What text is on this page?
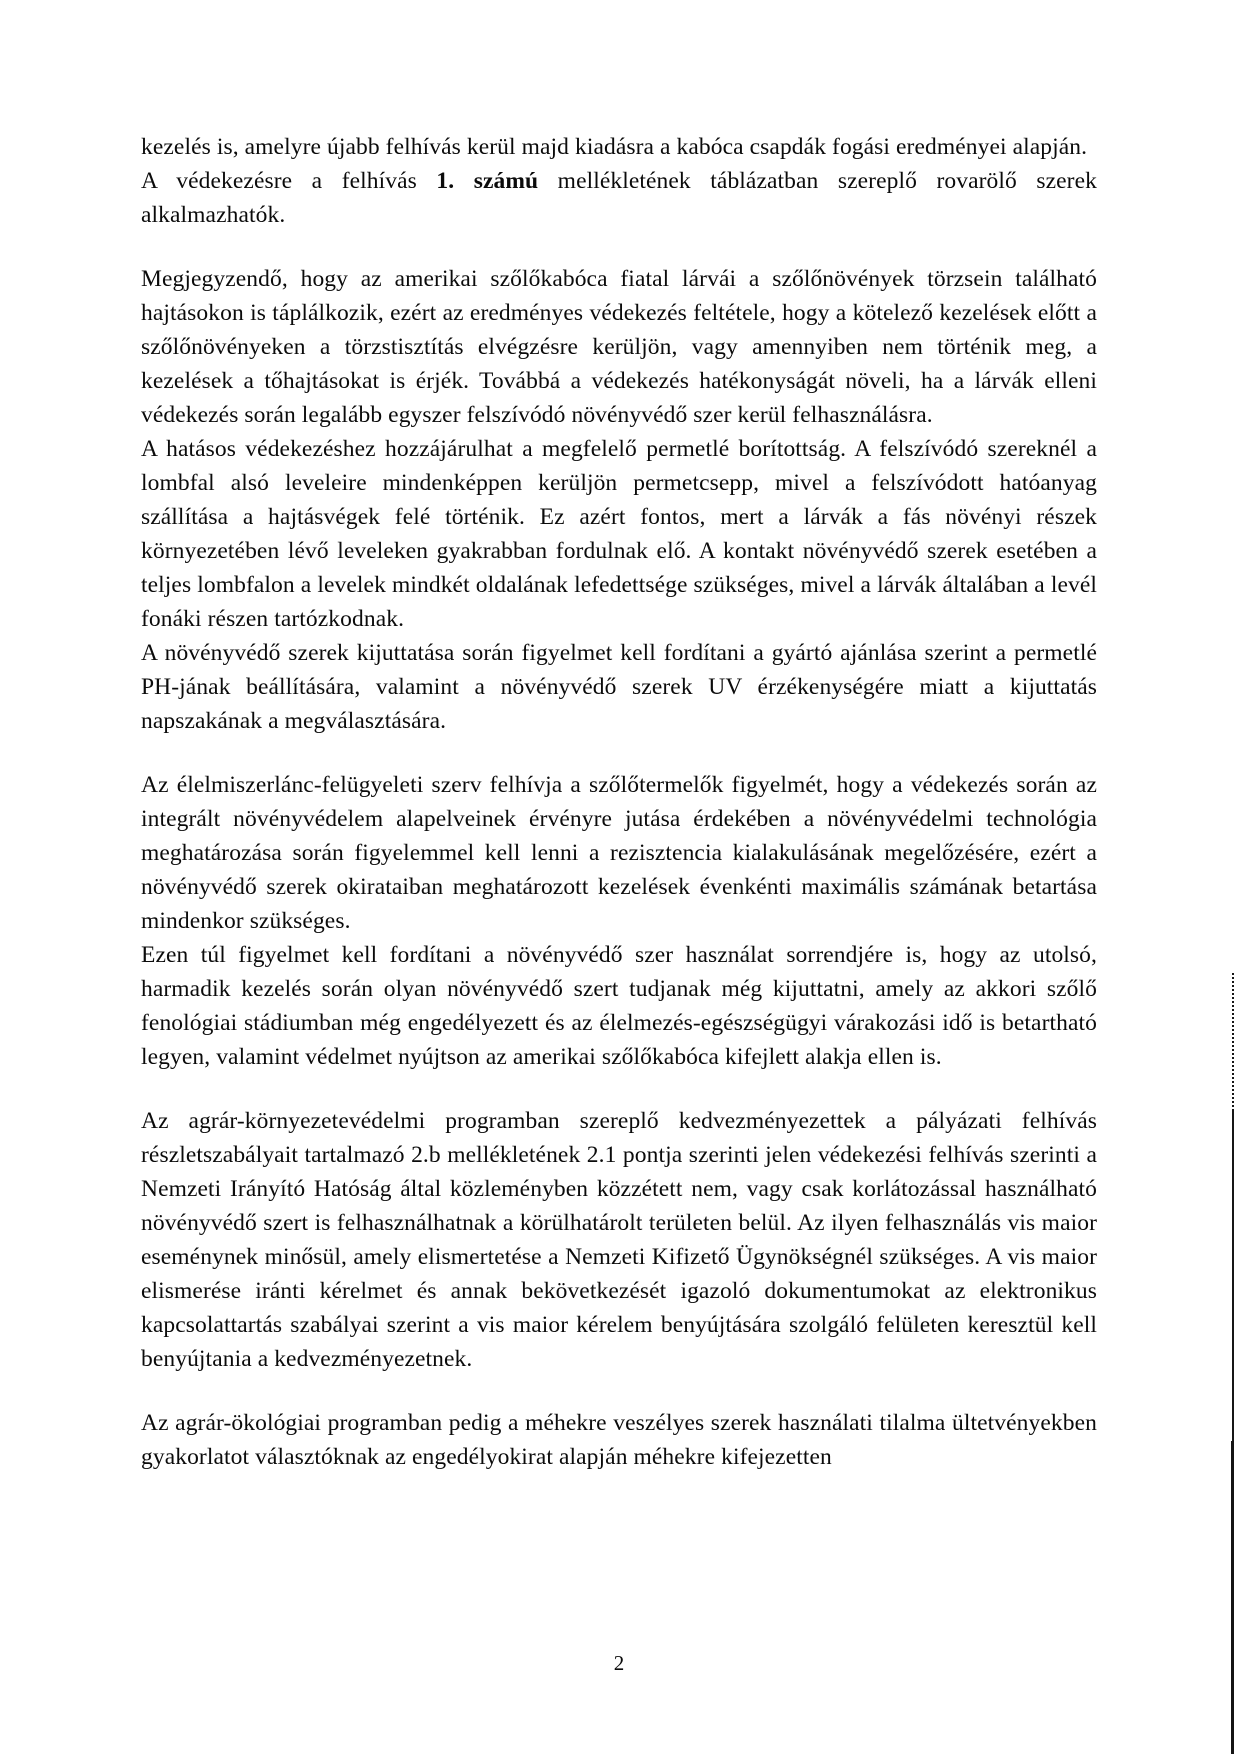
kezelés is, amelyre újabb felhívás kerül majd kiadásra a kabóca csapdák fogási eredményei alapján.

A védekezésre a felhívás 1. számú mellékletének táblázatban szereplő rovarölő szerek alkalmazhatók.

Megjegyzendő, hogy az amerikai szőlőkabóca fiatal lárvái a szőlőnövények törzsein található hajtásokon is táplálkozik, ezért az eredményes védekezés feltétele, hogy a kötelező kezelések előtt a szőlőnövényeken a törzstisztítás elvégzésre kerüljön, vagy amennyiben nem történik meg, a kezelések a tőhajtásokat is érjék. Továbbá a védekezés hatékonyságát növeli, ha a lárvák elleni védekezés során legalább egyszer felszívódó növényvédő szer kerül felhasználásra.

A hatásos védekezéshez hozzájárulhat a megfelelő permetlé borítottság. A felszívódó szereknél a lombfal alsó leveleire mindenképpen kerüljön permetcsepp, mivel a felszívódott hatóanyag szállítása a hajtásvégek felé történik. Ez azért fontos, mert a lárvák a fás növényi részek környezetében lévő leveleken gyakrabban fordulnak elő. A kontakt növényvédő szerek esetében a teljes lombfalon a levelek mindkét oldalának lefedettsége szükséges, mivel a lárvák általában a levél fonáki részen tartózkodnak.

A növényvédő szerek kijuttatása során figyelmet kell fordítani a gyártó ajánlása szerint a permetlé PH-jának beállítására, valamint a növényvédő szerek UV érzékenységére miatt a kijuttatás napszakának a megválasztására.

Az élelmiszerlánc-felügyeleti szerv felhívja a szőlőtermelők figyelmét, hogy a védekezés során az integrált növényvédelem alapelveinek érvényre jutása érdekében a növényvédelmi technológia meghatározása során figyelemmel kell lenni a rezisztencia kialakulásának megelőzésére, ezért a növényvédő szerek okirataiban meghatározott kezelések évenkénti maximális számának betartása mindenkor szükséges.

Ezen túl figyelmet kell fordítani a növényvédő szer használat sorrendjére is, hogy az utolsó, harmadik kezelés során olyan növényvédő szert tudjanak még kijuttatni, amely az akkori szőlő fenológiai stádiumban még engedélyezett és az élelmezés-egészségügyi várakozási idő is betartható legyen, valamint védelmet nyújtson az amerikai szőlőkabóca kifejlett alakja ellen is.

Az agrár-környezetevédelmi programban szereplő kedvezményezettek a pályázati felhívás részletszabályait tartalmazó 2.b mellékletének 2.1 pontja szerinti jelen védekezési felhívás szerinti a Nemzeti Irányító Hatóság által közleményben közzétett nem, vagy csak korlátozással használható növényvédő szert is felhasználhatnak a körülhatárolt területen belül. Az ilyen felhasználás vis maior eseménynek minősül, amely elismertetése a Nemzeti Kifizető Ügynökségnél szükséges. A vis maior elismerése iránti kérelmet és annak bekövetkezését igazoló dokumentumokat az elektronikus kapcsolattartás szabályai szerint a vis maior kérelem benyújtására szolgáló felületen keresztül kell benyújtania a kedvezményezetnek.

Az agrár-ökológiai programban pedig a méhekre veszélyes szerek használati tilalma ültetvényekben gyakorlatot választóknak az engedélyokirat alapján méhekre kifejezetten

2
